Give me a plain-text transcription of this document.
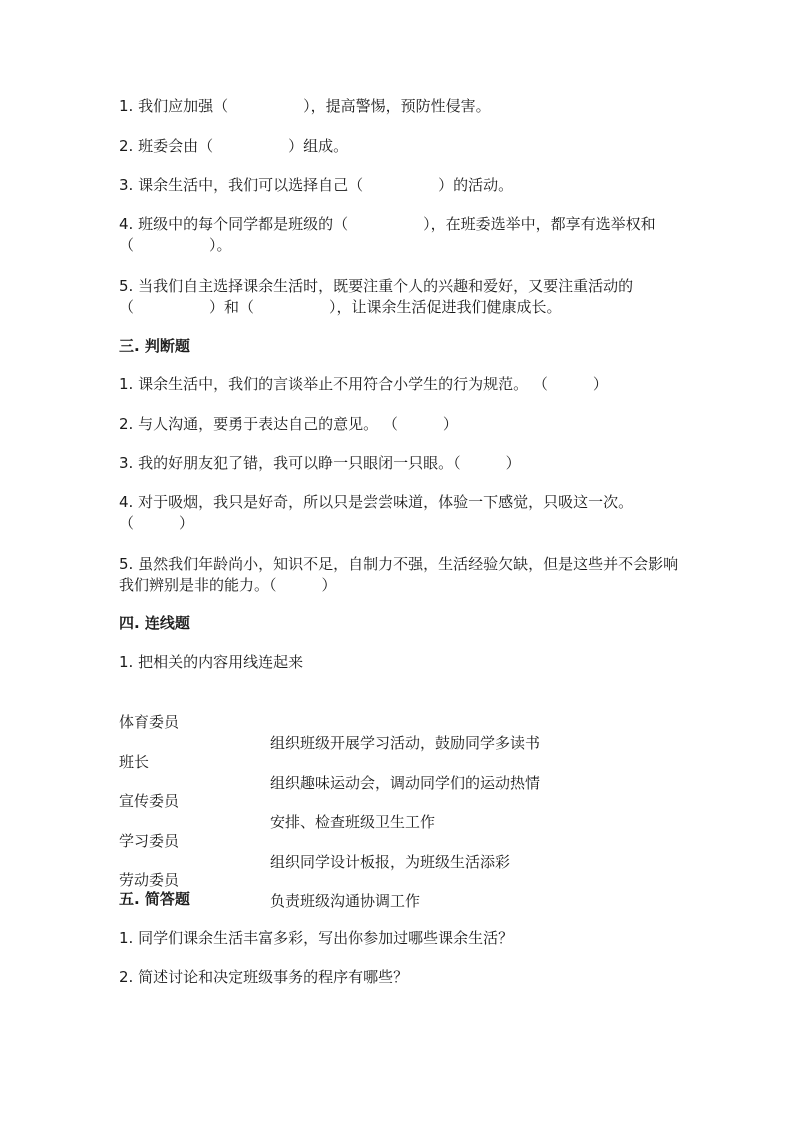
1. 我们应加强（　　　　　），提高警惕，预防性侵害。
2. 班委会由（　　　　　）组成。
3. 课余生活中，我们可以选择自己（　　　　　）的活动。
4. 班级中的每个同学都是班级的（　　　　　），在班委选举中，都享有选举权和（　　　　　）。
5. 当我们自主选择课余生活时，既要注重个人的兴趣和爱好，又要注重活动的（　　　　　）和（　　　　　），让课余生活促进我们健康成长。
三. 判断题
1. 课余生活中，我们的言谈举止不用符合小学生的行为规范。 （　　　）
2. 与人沟通，要勇于表达自己的意见。 （　　　）
3. 我的好朋友犯了错，我可以睁一只眼闭一只眼。（　　　）
4. 对于吸烟，我只是好奇，所以只是尝尝味道，体验一下感觉，只吸这一次。（　　　）
5. 虽然我们年龄尚小，知识不足，自制力不强，生活经验欠缺，但是这些并不会影响我们辨别是非的能力。（　　　）
四. 连线题
1. 把相关的内容用线连起来

体育委员

组织班级开展学习活动，鼓励同学多读书

班长

组织趣味运动会，调动同学们的运动热情

宣传委员

安排、检查班级卫生工作

学习委员

组织同学设计板报，为班级生活添彩

劳动委员

负责班级沟通协调工作

五. 简答题
1. 同学们课余生活丰富多彩，写出你参加过哪些课余生活？
2. 简述讨论和决定班级事务的程序有哪些？
